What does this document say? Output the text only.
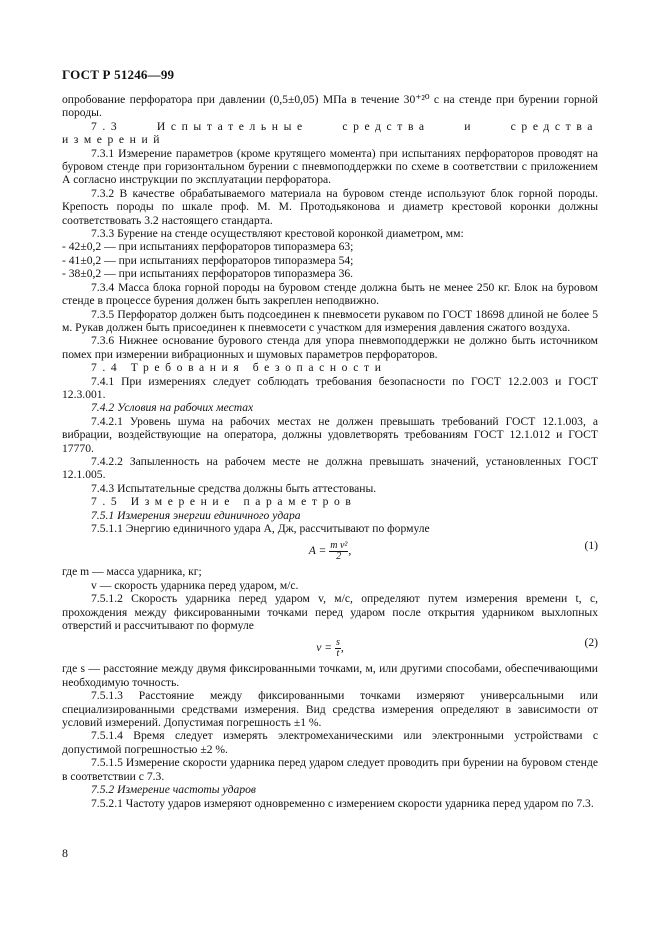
ГОСТ Р 51246—99

опробование перфоратора при давлении (0,5±0,05) МПа в течение 30⁺²⁰ с на стенде при бурении горной породы.

7.3 Испытательные средства и средства измерений

7.3.1 Измерение параметров (кроме крутящего момента) при испытаниях перфораторов проводят на буровом стенде при горизонтальном бурении с пневмоподдержки по схеме в соответствии с приложением А согласно инструкции по эксплуатации перфоратора.

7.3.2 В качестве обрабатываемого материала на буровом стенде используют блок горной породы. Крепость породы по шкале проф. М. М. Протодьяконова и диаметр крестовой коронки должны соответствовать 3.2 настоящего стандарта.

7.3.3 Бурение на стенде осуществляют крестовой коронкой диаметром, мм:

- 42±0,2 — при испытаниях перфораторов типоразмера 63;

- 41±0,2 — при испытаниях перфораторов типоразмера 54;

- 38±0,2 — при испытаниях перфораторов типоразмера 36.

7.3.4 Масса блока горной породы на буровом стенде должна быть не менее 250 кг. Блок на буровом стенде в процессе бурения должен быть закреплен неподвижно.

7.3.5 Перфоратор должен быть подсоединен к пневмосети рукавом по ГОСТ 18698 длиной не более 5 м. Рукав должен быть присоединен к пневмосети с участком для измерения давления сжатого воздуха.

7.3.6 Нижнее основание бурового стенда для упора пневмоподдержки не должно быть источником помех при измерении вибрационных и шумовых параметров перфораторов.

7.4 Требования безопасности

7.4.1 При измерениях следует соблюдать требования безопасности по ГОСТ 12.2.003 и ГОСТ 12.3.001.

7.4.2 Условия на рабочих местах

7.4.2.1 Уровень шума на рабочих местах не должен превышать требований ГОСТ 12.1.003, а вибрации, воздействующие на оператора, должны удовлетворять требованиям ГОСТ 12.1.012 и ГОСТ 17770.

7.4.2.2 Запыленность на рабочем месте не должна превышать значений, установленных ГОСТ 12.1.005.

7.4.3 Испытательные средства должны быть аттестованы.

7.5 Измерение параметров

7.5.1 Измерения энергии единичного удара

7.5.1.1 Энергию единичного удара А, Дж, рассчитывают по формуле

$A = \frac{\text{m v²}}{2}$ ,	(1)

где m — масса ударника, кг;

v — скорость ударника перед ударом, м/с.

7.5.1.2 Скорость ударника перед ударом v, м/с, определяют путем измерения времени t, с, прохождения между фиксированными точками перед ударом после открытия ударником выхлопных отверстий и рассчитывают по формуле

$v = \frac{s}{t}$ ,	(2)

где s — расстояние между двумя фиксированными точками, м, или другими способами, обеспечивающими необходимую точность.

7.5.1.3 Расстояние между фиксированными точками измеряют универсальными или специализированными средствами измерения. Вид средства измерения определяют в зависимости от условий измерений. Допустимая погрешность ±1 %.

7.5.1.4 Время следует измерять электромеханическими или электронными устройствами с допустимой погрешностью ±2 %.

7.5.1.5 Измерение скорости ударника перед ударом следует проводить при бурении на буровом стенде в соответствии с 7.3.

7.5.2 Измерение частоты ударов

7.5.2.1 Частоту ударов измеряют одновременно с измерением скорости ударника перед ударом по 7.3.

8
